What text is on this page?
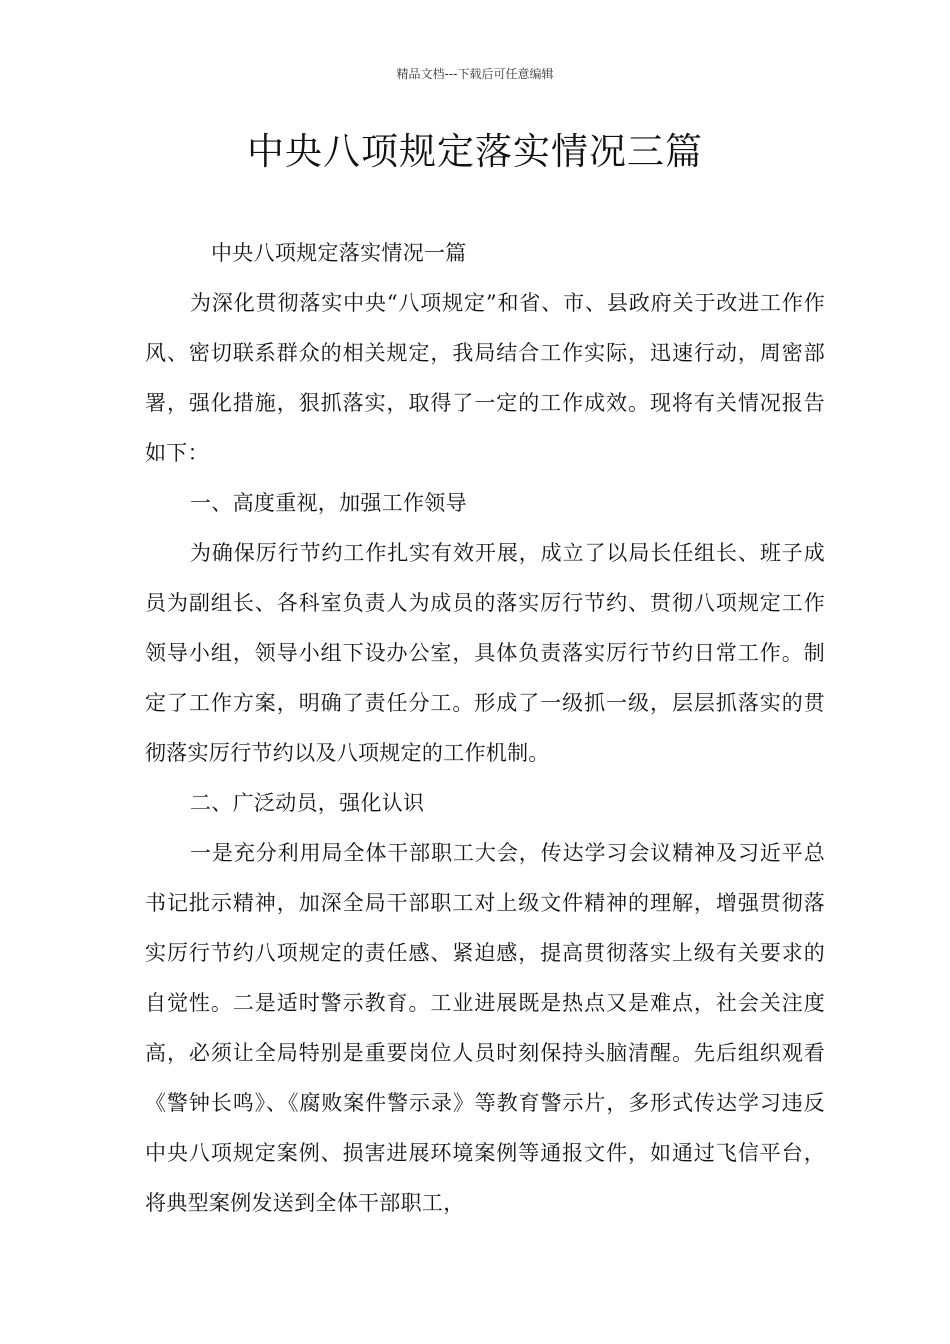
精品文档---下载后可任意编辑
中央八项规定落实情况三篇

中央八项规定落实情况一篇

为深化贯彻落实中央“八项规定”和省、市、县政府关于改进工作作风、密切联系群众的相关规定，我局结合工作实际，迅速行动，周密部署，强化措施，狠抓落实，取得了一定的工作成效。现将有关情况报告如下：

一、高度重视，加强工作领导

为确保厉行节约工作扎实有效开展，成立了以局长任组长、班子成员为副组长、各科室负责人为成员的落实厉行节约、贯彻八项规定工作领导小组，领导小组下设办公室，具体负责落实厉行节约日常工作。制定了工作方案，明确了责任分工。形成了一级抓一级，层层抓落实的贯彻落实厉行节约以及八项规定的工作机制。

二、广泛动员，强化认识

一是充分利用局全体干部职工大会，传达学习会议精神及习近平总书记批示精神，加深全局干部职工对上级文件精神的理解，增强贯彻落实厉行节约八项规定的责任感、紧迫感，提高贯彻落实上级有关要求的自觉性。二是适时警示教育。工业进展既是热点又是难点，社会关注度高，必须让全局特别是重要岗位人员时刻保持头脑清醒。先后组织观看《警钟长鸣》、《腐败案件警示录》等教育警示片，多形式传达学习违反中央八项规定案例、损害进展环境案例等通报文件，如通过飞信平台，将典型案例发送到全体干部职工，
